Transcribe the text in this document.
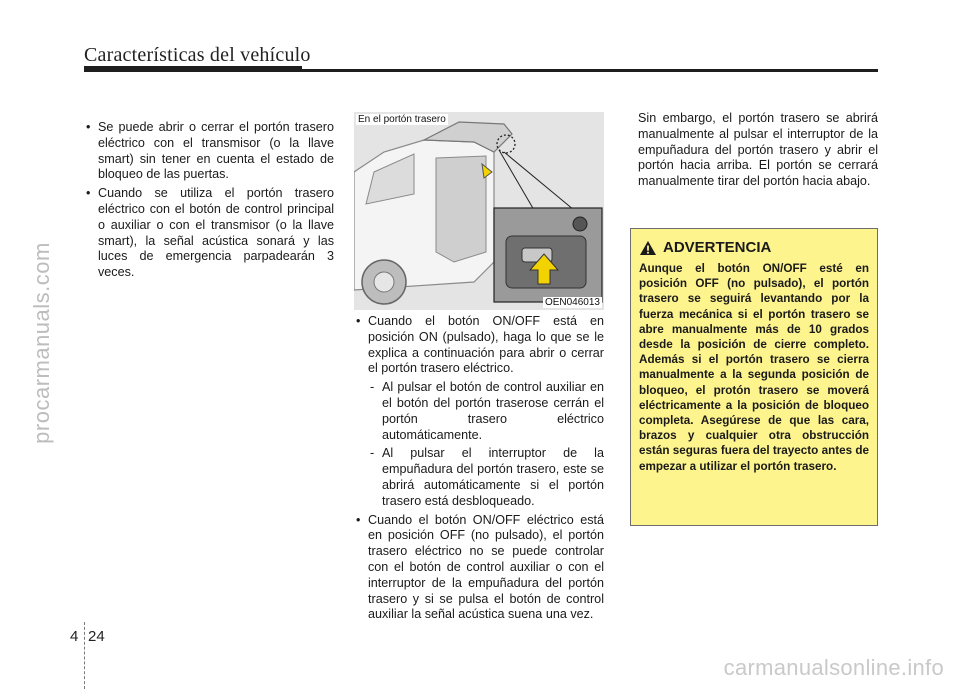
Características del vehículo
procarmanuals.com
• Se puede abrir o cerrar el portón trasero eléctrico con el transmisor (o la llave smart) sin tener en cuenta el estado de bloqueo de las puertas.
• Cuando se utiliza el portón trasero eléctrico con el botón de control principal o auxiliar o con el transmisor (o la llave smart), la señal acústica sonará y las luces de emergencia parpadearán 3 veces.
En el portón trasero
OEN046013
• Cuando el botón ON/OFF está en posición ON (pulsado), haga lo que se le explica a continuación para abrir o cerrar el portón trasero eléctrico.
- Al pulsar el botón de control auxiliar en el botón del portón traserose cerrán el portón trasero eléctrico automáticamente.
- Al pulsar el interruptor de la empuñadura del portón trasero, este se abrirá automáticamente si el portón trasero está desbloqueado.
• Cuando el botón ON/OFF eléctrico está en posición OFF (no pulsado), el portón trasero eléctrico no se puede controlar con el botón de control auxiliar o con el interruptor de la empuñadura del portón trasero y si se pulsa el botón de control auxiliar la señal acústica suena una vez.
Sin embargo, el portón trasero se abrirá manualmente al pulsar el interruptor de la empuñadura del portón trasero y abrir el portón hacia arriba. El portón se cerrará manualmente tirar del portón hacia abajo.
ADVERTENCIA
Aunque el botón ON/OFF esté en posición OFF (no pulsado), el portón trasero se seguirá levantando por la fuerza mecánica si el portón trasero se abre manualmente más de 10 grados desde la posición de cierre completo. Además si el portón trasero se cierra manualmente a la segunda posición de bloqueo, el protón trasero se moverá eléctricamente a la posición de bloqueo completa. Asegúrese de que las cara, brazos y cualquier otra obstrucción están seguras fuera del trayecto antes de empezar a utilizar el portón trasero.
4 24
carmanualsonline.info
